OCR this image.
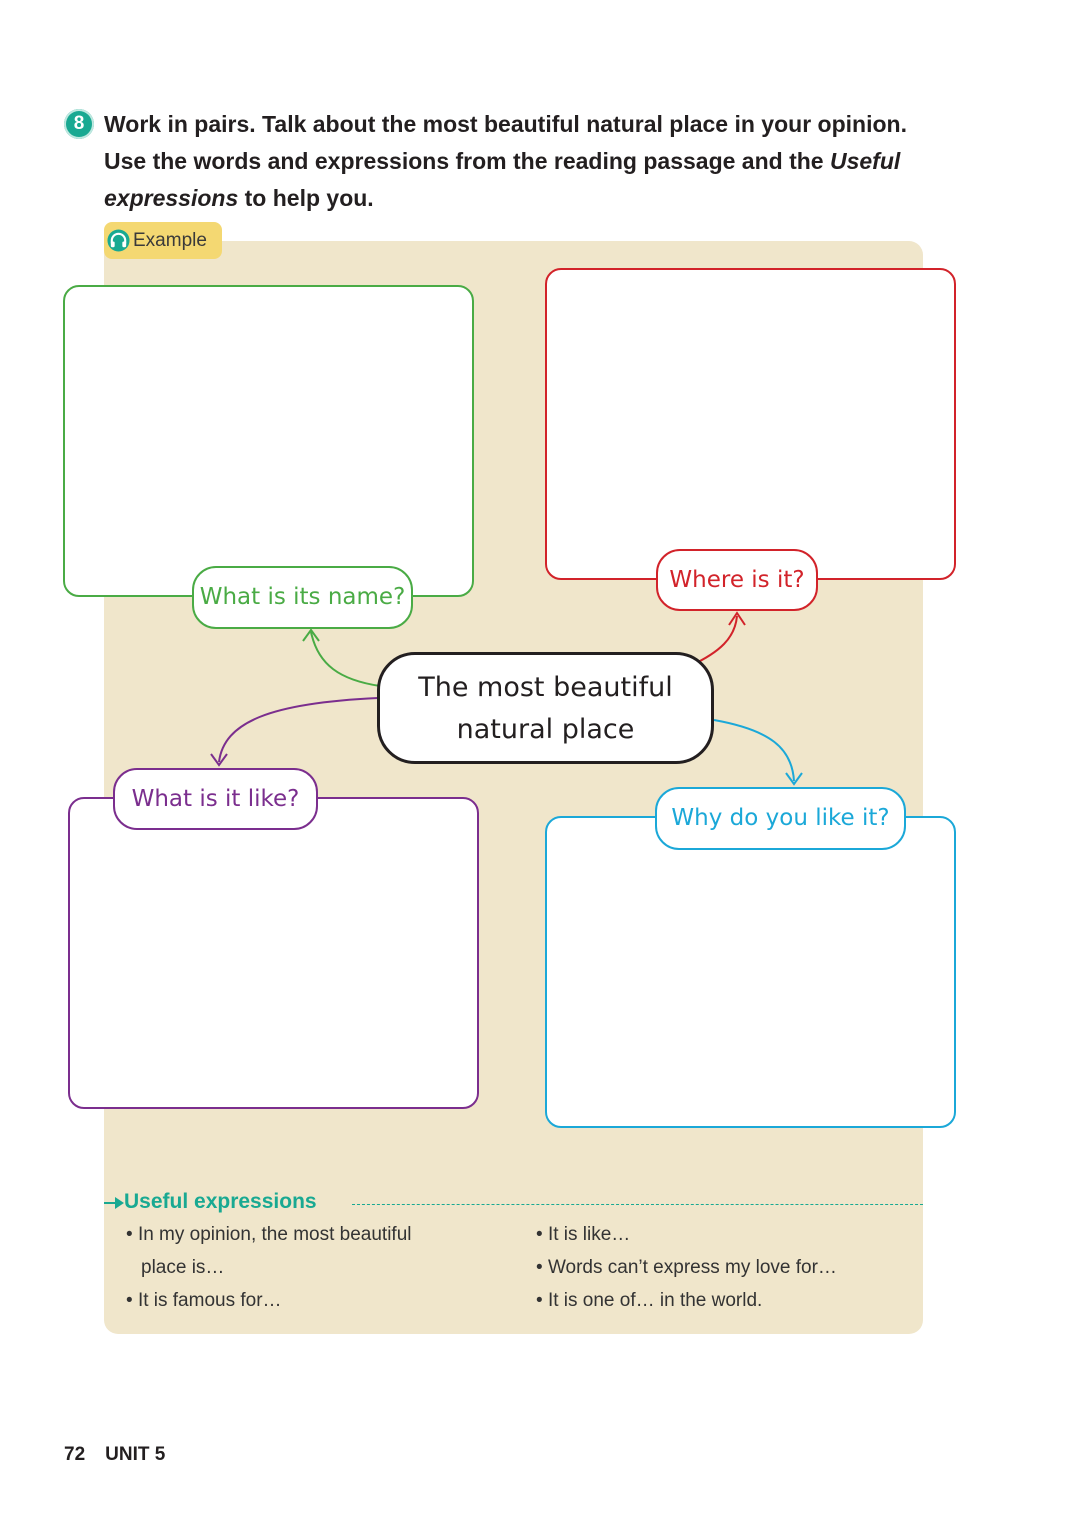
8 Work in pairs. Talk about the most beautiful natural place in your opinion.
Use the words and expressions from the reading passage and the Useful
expressions to help you.
Example
What is its name?
Where is it?
What is it like?
Why do you like it?
The most beautiful
natural place
Useful expressions
• In my opinion, the most beautiful
place is…
• It is famous for…
• It is like…
• Words can’t express my love for…
• It is one of… in the world.
72 UNIT 5
